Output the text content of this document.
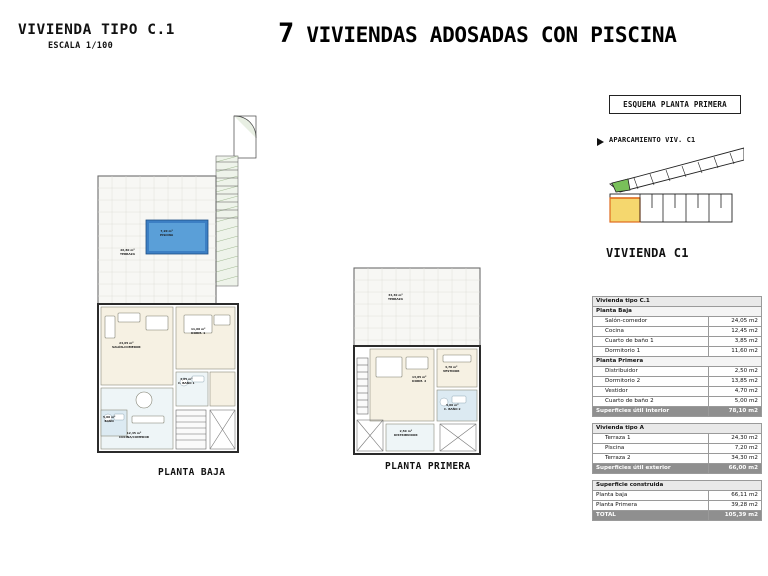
VIVIENDA TIPO C.1
ESCALA 1/100	7 VIVIENDAS ADOSADAS CON PISCINA
ESQUEMA PLANTA PRIMERA
APARCAMIENTO VIV. C1
VIVIENDA C1
26,80 m²
TERRAZA
7,20 m²
PISCINA
3,85 m²
C. BAÑO 1
11,60 m²
DORM. 1
5,00 m²
BAÑO
12,45 m²
COCINA/COMEDOR
24,05 m²
SALÓN-COMEDOR
34,30 m²
TERRAZA
13,85 m²
DORM. 2
4,70 m²
VESTIDOR
5,00 m²
C. BAÑO 2
2,50 m²
DISTRIBUIDOR
PLANTA BAJA
PLANTA PRIMERA
Vivienda tipo C.1	
Planta Baja	
Salón-comedor	24,05 m2
Cocina	12,45 m2
Cuarto de baño 1	3,85 m2
Dormitorio 1	11,60 m2
Planta Primera	
Distribuidor	2,50 m2
Dormitorio 2	13,85 m2
Vestidor	4,70 m2
Cuarto de baño 2	5,00 m2
Superficies útil interior	78,10 m2
Vivienda tipo A	
Terraza 1	24,30 m2
Piscina	7,20 m2
Terraza 2	34,30 m2
Superficies útil exterior	66,00 m2
Superficie construida	
Planta baja	66,11 m2
Planta Primera	39,28 m2
TOTAL	105,39 m2
